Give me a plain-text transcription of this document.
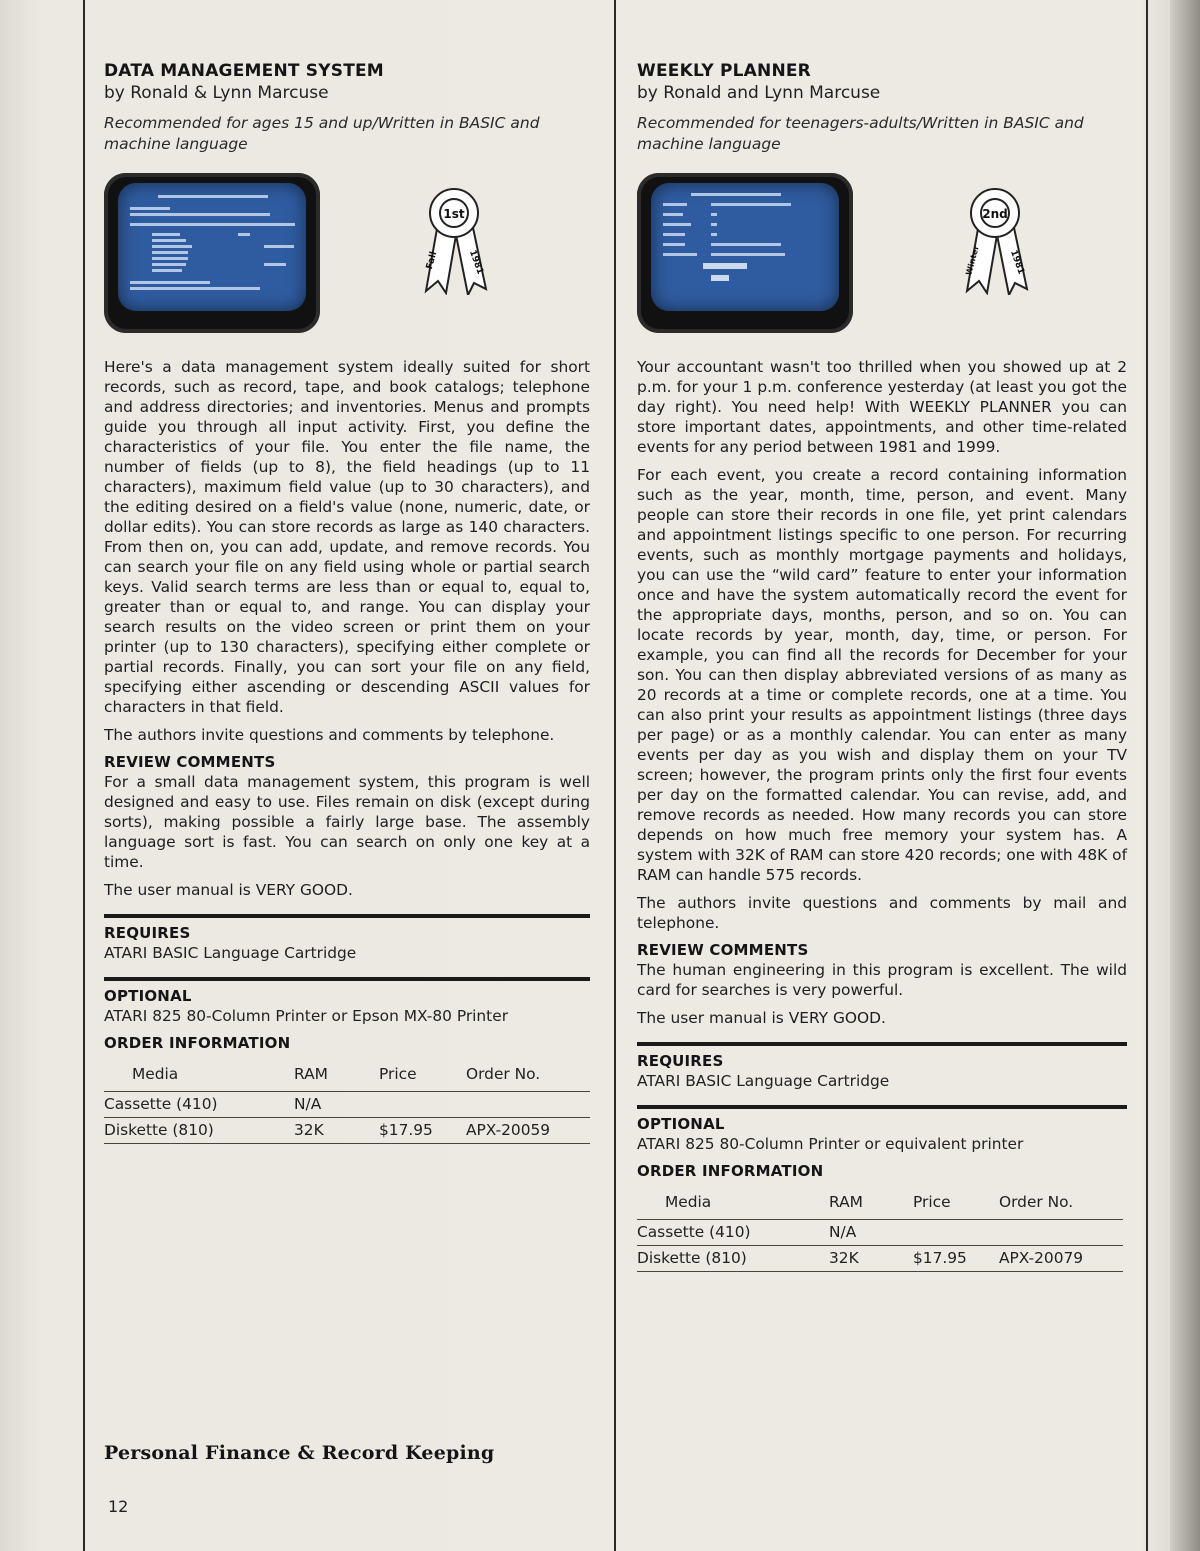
DATA MANAGEMENT SYSTEM
by Ronald & Lynn Marcuse
Recommended for ages 15 and up/Written in BASIC and machine language
1st
Fall	1981
Here's a data management system ideally suited for short records, such as record, tape, and book catalogs; telephone and address directories; and inventories. Menus and prompts guide you through all input activity. First, you define the characteristics of your file. You enter the file name, the number of fields (up to 8), the field headings (up to 11 characters), maximum field value (up to 30 characters), and the editing desired on a field's value (none, numeric, date, or dollar edits). You can store records as large as 140 characters. From then on, you can add, update, and remove records. You can search your file on any field using whole or partial search keys. Valid search terms are less than or equal to, equal to, greater than or equal to, and range. You can display your search results on the video screen or print them on your printer (up to 130 characters), specifying either complete or partial records. Finally, you can sort your file on any field, specifying either ascending or descending ASCII values for characters in that field.
The authors invite questions and comments by telephone.
REVIEW COMMENTS
For a small data management system, this program is well designed and easy to use. Files remain on disk (except during sorts), making possible a fairly large base. The assembly language sort is fast. You can search on only one key at a time.
The user manual is VERY GOOD.
REQUIRES
ATARI BASIC Language Cartridge
OPTIONAL
ATARI 825 80-Column Printer or Epson MX-80 Printer
ORDER INFORMATION
Media	RAM	Price	Order No.
Cassette (410)	N/A		
Diskette (810)	32K	$17.95	APX-20059
WEEKLY PLANNER
by Ronald and Lynn Marcuse
Recommended for teenagers-adults/Written in BASIC and machine language
2nd
Winter	1981
Your accountant wasn't too thrilled when you showed up at 2 p.m. for your 1 p.m. conference yesterday (at least you got the day right). You need help! With WEEKLY PLANNER you can store important dates, appointments, and other time-related events for any period between 1981 and 1999.
For each event, you create a record containing information such as the year, month, time, person, and event. Many people can store their records in one file, yet print calendars and appointment listings specific to one person. For recurring events, such as monthly mortgage payments and holidays, you can use the “wild card” feature to enter your information once and have the system automatically record the event for the appropriate days, months, person, and so on. You can locate records by year, month, day, time, or person. For example, you can find all the records for December for your son. You can then display abbreviated versions of as many as 20 records at a time or complete records, one at a time. You can also print your results as appointment listings (three days per page) or as a monthly calendar. You can enter as many events per day as you wish and display them on your TV screen; however, the program prints only the first four events per day on the formatted calendar. You can revise, add, and remove records as needed. How many records you can store depends on how much free memory your system has. A system with 32K of RAM can store 420 records; one with 48K of RAM can handle 575 records.
The authors invite questions and comments by mail and telephone.
REVIEW COMMENTS
The human engineering in this program is excellent. The wild card for searches is very powerful.
The user manual is VERY GOOD.
REQUIRES
ATARI BASIC Language Cartridge
OPTIONAL
ATARI 825 80-Column Printer or equivalent printer
ORDER INFORMATION
Media	RAM	Price	Order No.
Cassette (410)	N/A		
Diskette (810)	32K	$17.95	APX-20079
Personal Finance & Record Keeping
12
